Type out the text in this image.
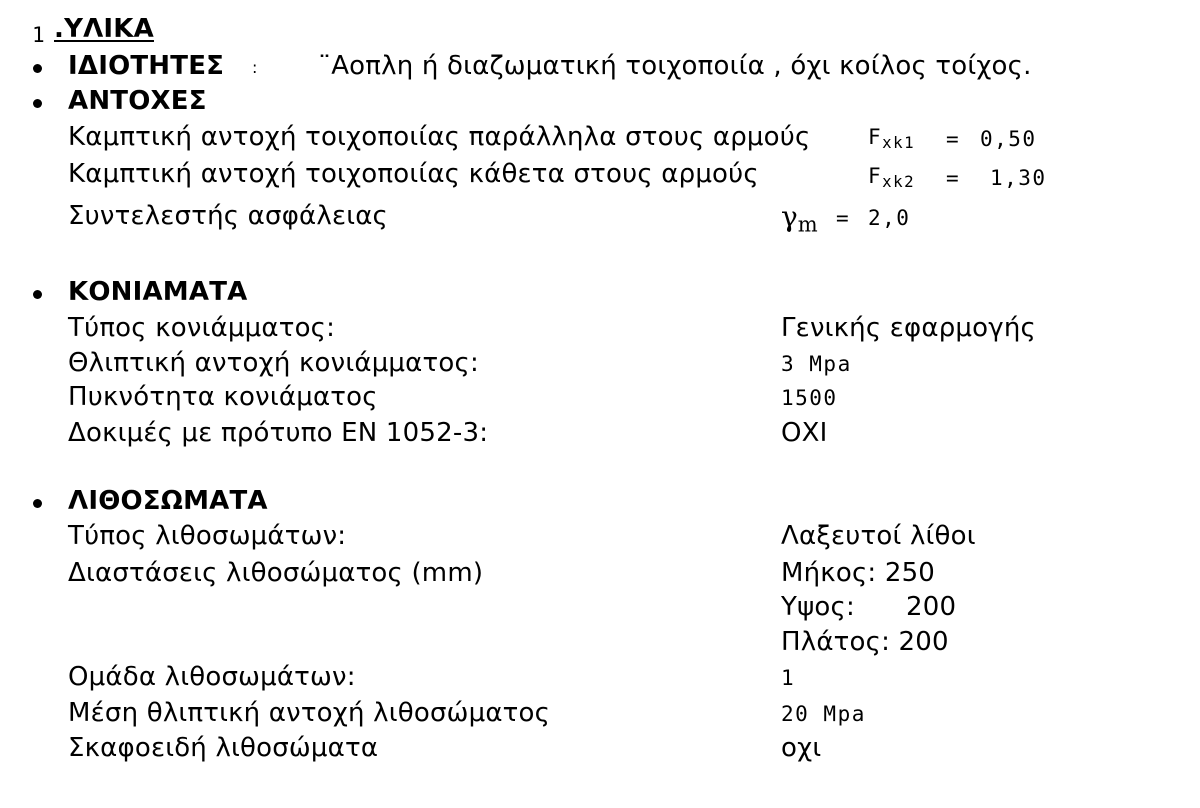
1 .ΥΛΙΚΑ
ΙΔΙΟΤΗΤΕΣ : ¨Αοπλη ή διαζωματική τοιχοποιία , όχι κοίλος τοίχος.
ΑΝΤΟΧΕΣ
Καμπτική αντοχή τοιχοποιίας παράλληλα στους αρμούς	$F_{xk1} = 0,50$
Καμπτική αντοχή τοιχοποιίας κάθετα στους αρμούς	$F_{xk2} = 1,30$
Συντελεστής ασφάλειας	$\gamma_m = 2,0$
ΚΟΝΙΑΜΑΤΑ
Τύπος κονιάμματος:	Γενικής εφαρμογής
Θλιπτική αντοχή κονιάμματος:	3 Μpa
Πυκνότητα κονιάματος	1500
Δοκιμές με πρότυπο ΕΝ 1052-3:	ΟΧΙ
ΛΙΘΟΣΩΜΑΤΑ
Τύπος λιθοσωμάτων:	Λαξευτοί λίθοι
Διαστάσεις λιθοσώματος (mm)	Μήκος: 250
Υψος: 200
Πλάτος: 200
Ομάδα λιθοσωμάτων:	1
Μέση θλιπτική αντοχή λιθοσώματος	20 Μpa
Σκαφοειδή λιθοσώματα	οχι
